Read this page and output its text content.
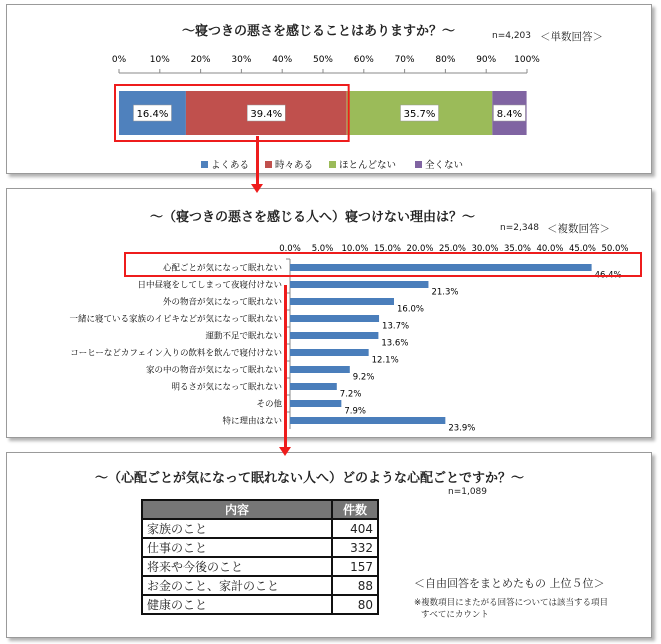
～寝つきの悪さを感じることはありますか？～	n=4,203 ＜単数回答＞
0%	10% 20% 30% 40% 50% 60% 70% 80% 90% 100%
16.4%	39.4%	35.7%	8.4%
よくある	時々ある	ほとんどない	全くない
～（寝つきの悪さを感じる人へ）寝つけない理由は？～
n=2,348 ＜複数回答＞
0.0% 5.0% 10.0% 15.0% 20.0% 25.0% 30.0% 35.0% 40.0% 45.0% 50.0%
心配ごとが気になって眠れない
46.4%
日中昼寝をしてしまって夜寝付けない
21.3%
外の物音が気になって眠れない
16.0%
一緒に寝ている家族のイビキなどが気になって眠れない
13.7%
運動不足で眠れない
13.6%
コーヒーなどカフェイン入りの飲料を飲んで寝付けない
12.1%
家の中の物音が気になって眠れない
9.2%
明るさが気になって眠れない
7.2%
その他
7.9%
特に理由はない
23.9%
～（心配ごとが気になって眠れない人へ）どのような心配ごとですか？～
n=1,089
内容	件数
家族のこと	404
仕事のこと	332
将来や今後のこと	157
お金のこと、家計のこと	88
健康のこと	80
＜自由回答をまとめたもの 上位５位＞
※複数項目にまたがる回答については該当する項目
すべてにカウント
